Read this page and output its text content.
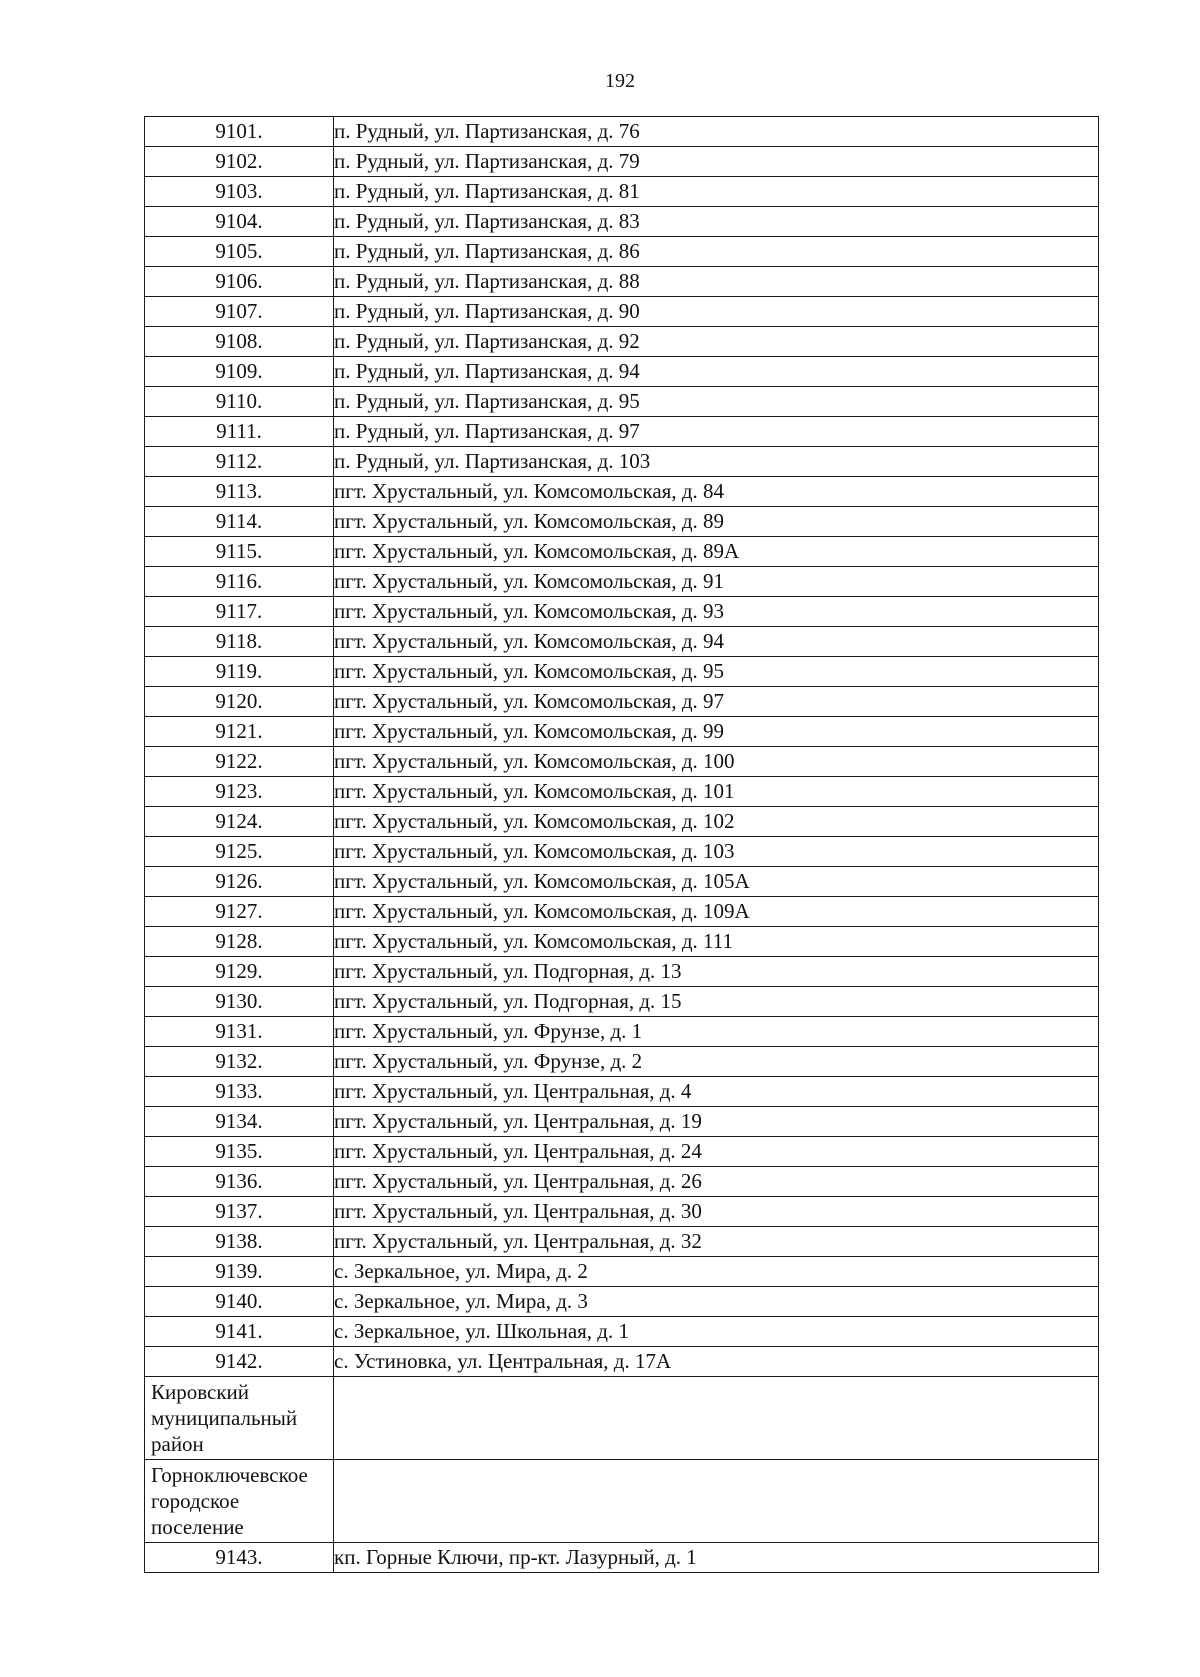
192
9101.	п. Рудный, ул. Партизанская, д. 76
9102.	п. Рудный, ул. Партизанская, д. 79
9103.	п. Рудный, ул. Партизанская, д. 81
9104.	п. Рудный, ул. Партизанская, д. 83
9105.	п. Рудный, ул. Партизанская, д. 86
9106.	п. Рудный, ул. Партизанская, д. 88
9107.	п. Рудный, ул. Партизанская, д. 90
9108.	п. Рудный, ул. Партизанская, д. 92
9109.	п. Рудный, ул. Партизанская, д. 94
9110.	п. Рудный, ул. Партизанская, д. 95
9111.	п. Рудный, ул. Партизанская, д. 97
9112.	п. Рудный, ул. Партизанская, д. 103
9113.	пгт. Хрустальный, ул. Комсомольская, д. 84
9114.	пгт. Хрустальный, ул. Комсомольская, д. 89
9115.	пгт. Хрустальный, ул. Комсомольская, д. 89А
9116.	пгт. Хрустальный, ул. Комсомольская, д. 91
9117.	пгт. Хрустальный, ул. Комсомольская, д. 93
9118.	пгт. Хрустальный, ул. Комсомольская, д. 94
9119.	пгт. Хрустальный, ул. Комсомольская, д. 95
9120.	пгт. Хрустальный, ул. Комсомольская, д. 97
9121.	пгт. Хрустальный, ул. Комсомольская, д. 99
9122.	пгт. Хрустальный, ул. Комсомольская, д. 100
9123.	пгт. Хрустальный, ул. Комсомольская, д. 101
9124.	пгт. Хрустальный, ул. Комсомольская, д. 102
9125.	пгт. Хрустальный, ул. Комсомольская, д. 103
9126.	пгт. Хрустальный, ул. Комсомольская, д. 105А
9127.	пгт. Хрустальный, ул. Комсомольская, д. 109А
9128.	пгт. Хрустальный, ул. Комсомольская, д. 111
9129.	пгт. Хрустальный, ул. Подгорная, д. 13
9130.	пгт. Хрустальный, ул. Подгорная, д. 15
9131.	пгт. Хрустальный, ул. Фрунзе, д. 1
9132.	пгт. Хрустальный, ул. Фрунзе, д. 2
9133.	пгт. Хрустальный, ул. Центральная, д. 4
9134.	пгт. Хрустальный, ул. Центральная, д. 19
9135.	пгт. Хрустальный, ул. Центральная, д. 24
9136.	пгт. Хрустальный, ул. Центральная, д. 26
9137.	пгт. Хрустальный, ул. Центральная, д. 30
9138.	пгт. Хрустальный, ул. Центральная, д. 32
9139.	с. Зеркальное, ул. Мира, д. 2
9140.	с. Зеркальное, ул. Мира, д. 3
9141.	с. Зеркальное, ул. Школьная, д. 1
9142.	с. Устиновка, ул. Центральная, д. 17А

Кировский
муниципальный
район	

Горноключевское
городское
поселение	

9143.	кп. Горные Ключи, пр-кт. Лазурный, д. 1
